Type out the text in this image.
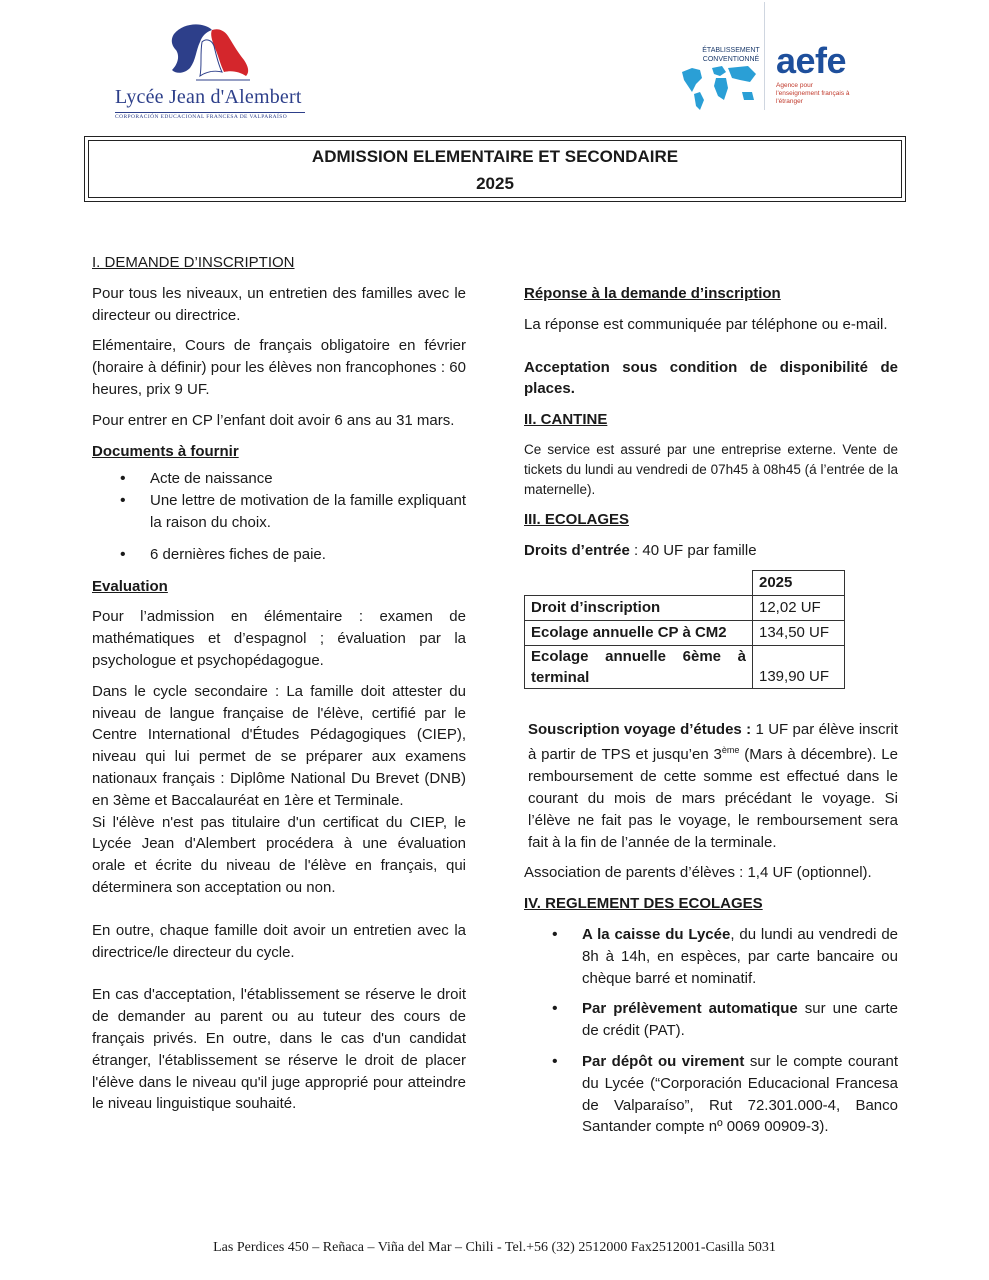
Lycée Jean d'Alembert
CORPORACIÓN EDUCACIONAL FRANCESA DE VALPARAÍSO
ÉTABLISSEMENT CONVENTIONNÉ aefe
Agence pour l'enseignement français à l'étranger
ADMISSION ELEMENTAIRE ET SECONDAIRE
2025

I. DEMANDE D’INSCRIPTION

Pour tous les niveaux, un entretien des familles avec le directeur ou directrice.

Elémentaire, Cours de français obligatoire en février (horaire à définir) pour les élèves non francophones : 60 heures, prix 9 UF.

Pour entrer en CP l’enfant doit avoir 6 ans au 31 mars.

Documents à fournir

• Acte de naissance
• Une lettre de motivation de la famille expliquant la raison du choix.
• 6 dernières fiches de paie.

Evaluation

Pour l’admission en élémentaire : examen de mathématiques et d’espagnol ; évaluation par la psychologue et psychopédagogue.

Dans le cycle secondaire : La famille doit attester du niveau de langue française de l'élève, certifié par le Centre International d'Études Pédagogiques (CIEP), niveau qui lui permet de se préparer aux examens nationaux français : Diplôme National Du Brevet (DNB) en 3ème et Baccalauréat en 1ère et Terminale.

Si l'élève n'est pas titulaire d'un certificat du CIEP, le Lycée Jean d'Alembert procédera à une évaluation orale et écrite du niveau de l'élève en français, qui déterminera son acceptation ou non.

En outre, chaque famille doit avoir un entretien avec la directrice/le directeur du cycle.

En cas d'acceptation, l'établissement se réserve le droit de demander au parent ou au tuteur des cours de français privés. En outre, dans le cas d'un candidat étranger, l'établissement se réserve le droit de placer l'élève dans le niveau qu'il juge approprié pour atteindre le niveau linguistique souhaité.

Réponse à la demande d’inscription

La réponse est communiquée par téléphone ou e-mail.

Acceptation sous condition de disponibilité de places.

II. CANTINE

Ce service est assuré par une entreprise externe. Vente de tickets du lundi au vendredi de 07h45 à 08h45 (á l’entrée de la maternelle).

III. ECOLAGES

Droits d’entrée : 40 UF par famille

	2025
Droit d’inscription	12,02 UF
Ecolage annuelle CP à CM2	134,50 UF
Ecolage annuelle 6ème à terminal	139,90 UF

Souscription voyage d’études : 1 UF par élève inscrit à partir de TPS et jusqu’en 3ème (Mars à décembre). Le remboursement de cette somme est effectué dans le courant du mois de mars précédant le voyage. Si l’élève ne fait pas le voyage, le remboursement sera fait à la fin de l’année de la terminale.

Association de parents d’élèves : 1,4 UF (optionnel).

IV. REGLEMENT DES ECOLAGES

• A la caisse du Lycée, du lundi au vendredi de 8h à 14h, en espèces, par carte bancaire ou chèque barré et nominatif.
• Par prélèvement automatique sur une carte de crédit (PAT).
• Par dépôt ou virement sur le compte courant du Lycée (“Corporación Educacional Francesa de Valparaíso”, Rut 72.301.000-4, Banco Santander compte nº 0069 00909-3).
Las Perdices 450 – Reñaca – Viña del Mar – Chili - Tel.+56 (32) 2512000 Fax2512001-Casilla 5031
